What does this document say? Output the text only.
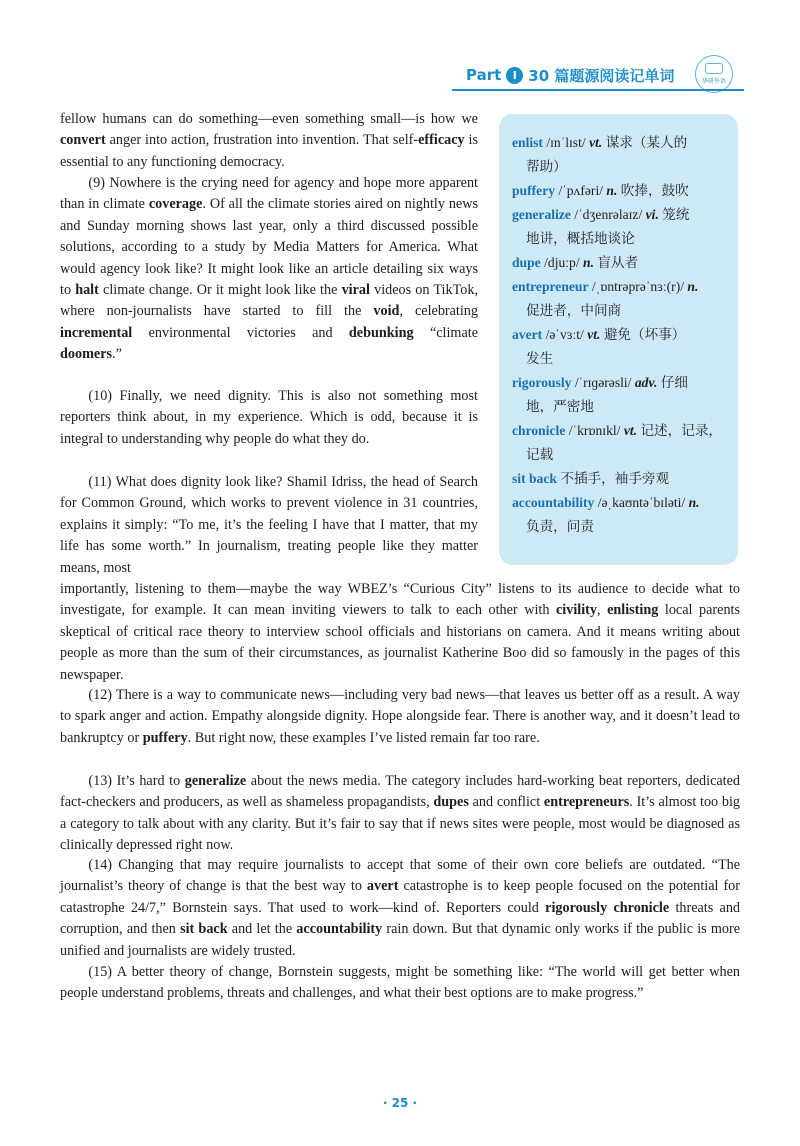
Part	I 30 篇题源阅读记单词	华研外语
enlist /ɪnˈlɪst/ vt. 谋求（某人的
帮助）
puffery /ˈpʌfəri/ n. 吹捧，鼓吹
generalize /ˈdʒenrəlaɪz/ vi. 笼统
地讲，概括地谈论
dupe /djuːp/ n. 盲从者
entrepreneur /ˌɒntrəprəˈnɜː(r)/ n.
促进者，中间商
avert /əˈvɜːt/ vt. 避免（坏事）
发生
rigorously /ˈrɪɡərəsli/ adv. 仔细
地，严密地
chronicle /ˈkrɒnɪkl/ vt. 记述，记录，
记载
sit back 不插手，袖手旁观
accountability /əˌkaʊntəˈbɪləti/ n.
负责，问责

fellow humans can do something—even something small—is how we convert anger into action, frustration into invention. That self-efficacy is essential to any functioning democracy.

(9) Nowhere is the crying need for agency and hope more apparent than in climate coverage. Of all the climate stories aired on nightly news and Sunday morning shows last year, only a third discussed possible solutions, according to a study by Media Matters for America. What would agency look like? It might look like an article detailing six ways to halt climate change. Or it might look like the viral videos on TikTok, where non-journalists have started to fill the void, celebrating incremental environmental victories and debunking “climate doomers.”

(10) Finally, we need dignity. This is also not something most reporters think about, in my experience. Which is odd, because it is integral to understanding why people do what they do.

(11) What does dignity look like? Shamil Idriss, the head of Search for Common Ground, which works to prevent violence in 31 countries, explains it simply: “To me, it’s the feeling I have that I matter, that my life has some worth.” In journalism, treating people like they matter means, most

importantly, listening to them—maybe the way WBEZ’s “Curious City” listens to its audience to decide what to investigate, for example. It can mean inviting viewers to talk to each other with civility, enlisting local parents skeptical of critical race theory to interview school officials and historians on camera. And it means writing about people as more than the sum of their circumstances, as journalist Katherine Boo did so famously in the pages of this newspaper.

(12) There is a way to communicate news—including very bad news—that leaves us better off as a result. A way to spark anger and action. Empathy alongside dignity. Hope alongside fear. There is another way, and it doesn’t lead to bankruptcy or puffery. But right now, these examples I’ve listed remain far too rare.

(13) It’s hard to generalize about the news media. The category includes hard-working beat reporters, dedicated fact-checkers and producers, as well as shameless propagandists, dupes and conflict entrepreneurs. It’s almost too big a category to talk about with any clarity. But it’s fair to say that if news sites were people, most would be diagnosed as clinically depressed right now.

(14) Changing that may require journalists to accept that some of their own core beliefs are outdated. “The journalist’s theory of change is that the best way to avert catastrophe is to keep people focused on the potential for catastrophe 24/7,” Bornstein says. That used to work—kind of. Reporters could rigorously chronicle threats and corruption, and then sit back and let the accountability rain down. But that dynamic only works if the public is more unified and journalists are widely trusted.

(15) A better theory of change, Bornstein suggests, might be something like: “The world will get better when people understand problems, threats and challenges, and what their best options are to make progress.”

· 25 ·
